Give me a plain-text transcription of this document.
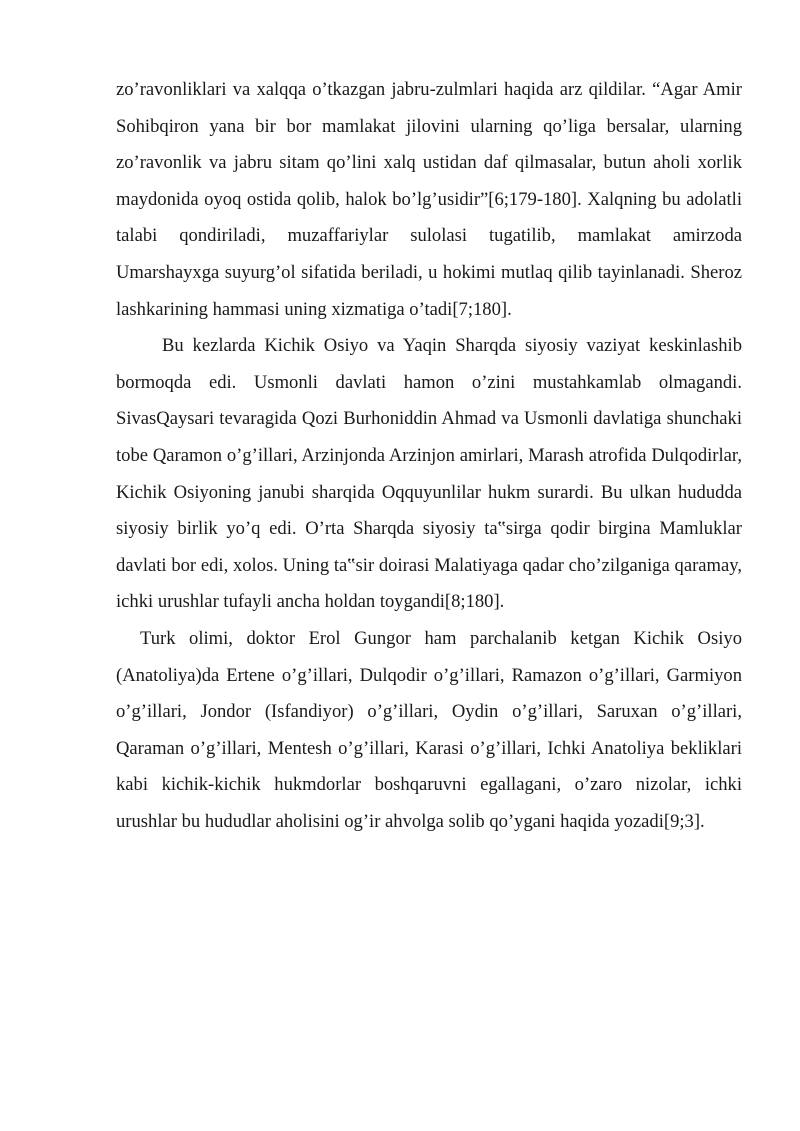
zo’ravonliklari va xalqqa o’tkazgan jabru-zulmlari haqida arz qildilar. “Agar Amir Sohibqiron yana bir bor mamlakat jilovini ularning qo’liga bersalar, ularning zo’ravonlik va jabru sitam qo’lini xalq ustidan daf qilmasalar, butun aholi xorlik maydonida oyoq ostida qolib, halok bo’lg’usidir”[6;179-180]. Xalqning bu adolatli talabi qondiriladi, muzaffariylar sulolasi tugatilib, mamlakat amirzoda Umarshayxga suyurg’ol sifatida beriladi, u hokimi mutlaq qilib tayinlanadi. Sheroz lashkarining hammasi uning xizmatiga o’tadi[7;180].

Bu kezlarda Kichik Osiyo va Yaqin Sharqda siyosiy vaziyat keskinlashib bormoqda edi. Usmonli davlati hamon o’zini mustahkamlab olmagandi. SivasQaysari tevaragida Qozi Burhoniddin Ahmad va Usmonli davlatiga shunchaki tobe Qaramon o’g’illari, Arzinjonda Arzinjon amirlari, Marash atrofida Dulqodirlar, Kichik Osiyoning janubi sharqida Oqquyunlilar hukm surardi. Bu ulkan hududda siyosiy birlik yo’q edi. O’rta Sharqda siyosiy ta‟sirga qodir birgina Mamluklar davlati bor edi, xolos. Uning ta‟sir doirasi Malatiyaga qadar cho’zilganiga qaramay, ichki urushlar tufayli ancha holdan toygandi[8;180].

Turk olimi, doktor Erol Gungor ham parchalanib ketgan Kichik Osiyo (Anatoliya)da Ertene o’g’illari, Dulqodir o’g’illari, Ramazon o’g’illari, Garmiyon o’g’illari, Jondor (Isfandiyor) o’g’illari, Oydin o’g’illari, Saruxan o’g’illari, Qaraman o’g’illari, Mentesh o’g’illari, Karasi o’g’illari, Ichki Anatoliya bekliklari kabi kichik-kichik hukmdorlar boshqaruvni egallagani, o’zaro nizolar, ichki urushlar bu hududlar aholisini og’ir ahvolga solib qo’ygani haqida yozadi[9;3].
